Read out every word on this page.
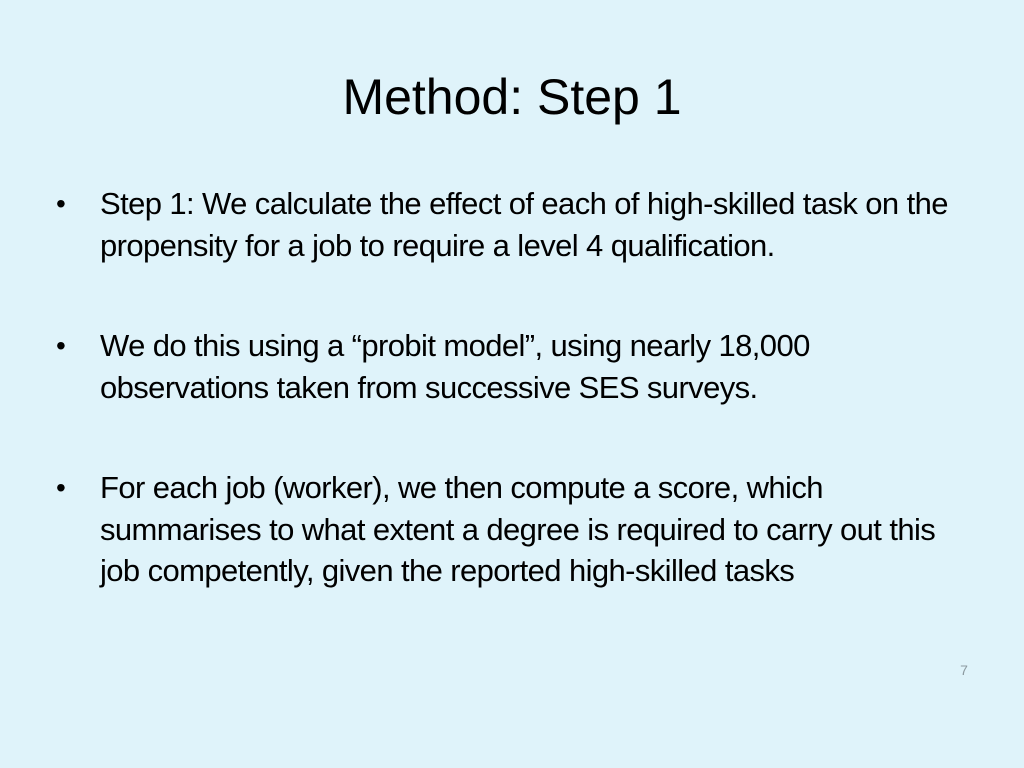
Method: Step 1
•	Step 1: We calculate the effect of each of high-skilled task on the propensity for a job to require a level 4 qualification.
•	We do this using a “probit model”, using nearly 18,000 observations taken from successive SES surveys.
•	For each job (worker), we then compute a score, which summarises to what extent a degree is required to carry out this job competently, given the reported high-skilled tasks
7
